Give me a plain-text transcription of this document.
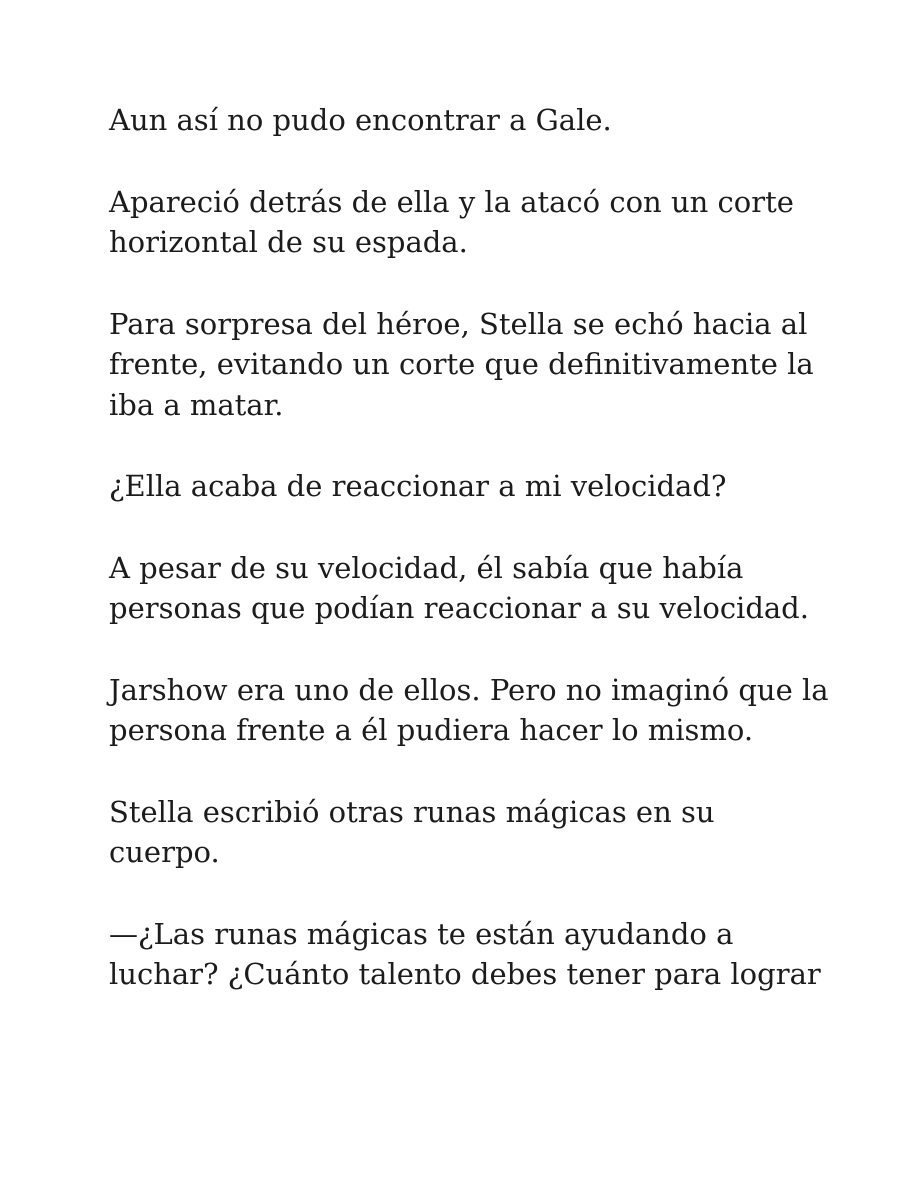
Aun así no pudo encontrar a Gale.

Apareció detrás de ella y la atacó con un corte
horizontal de su espada.

Para sorpresa del héroe, Stella se echó hacia al
frente, evitando un corte que definitivamente la
iba a matar.

¿Ella acaba de reaccionar a mi velocidad?

A pesar de su velocidad, él sabía que había
personas que podían reaccionar a su velocidad.

Jarshow era uno de ellos. Pero no imaginó que la
persona frente a él pudiera hacer lo mismo.

Stella escribió otras runas mágicas en su
cuerpo.

—¿Las runas mágicas te están ayudando a
luchar? ¿Cuánto talento debes tener para lograr
